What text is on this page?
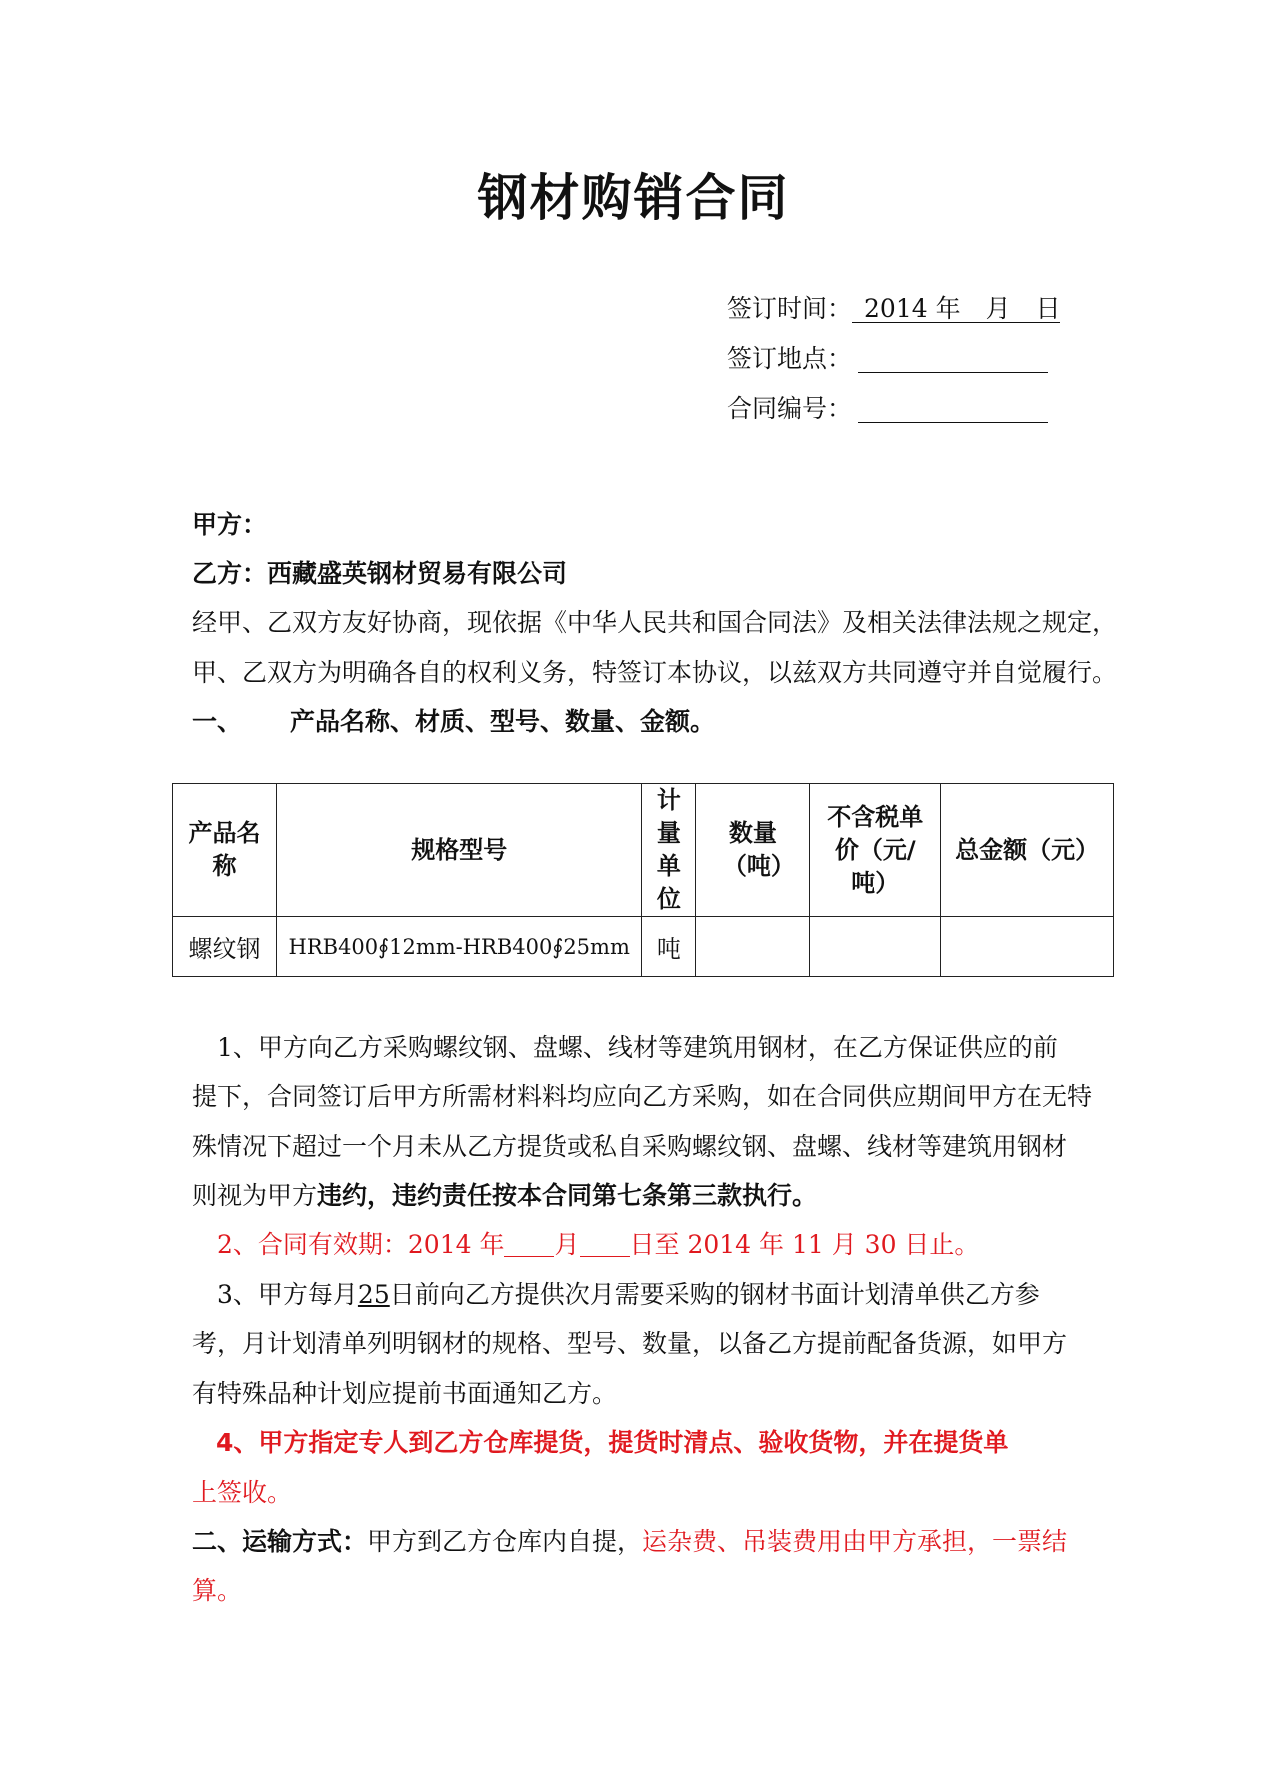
钢材购销合同
签订时间： 2014 年　月　日
签订地点：
合同编号：
甲方：
乙方：西藏盛英钢材贸易有限公司
经甲、乙双方友好协商，现依据《中华人民共和国合同法》及相关法律法规之规定，
甲、乙双方为明确各自的权利义务，特签订本协议，以兹双方共同遵守并自觉履行。
一、 产品名称、材质、型号、数量、金额。
产品名称	规格型号	计量单位	数量（吨）	不含税单价（元/吨）	总金额（元）
螺纹钢	HRB400∮12mm-HRB400∮25mm	吨			
　1、甲方向乙方采购螺纹钢、盘螺、线材等建筑用钢材，在乙方保证供应的前
提下，合同签订后甲方所需材料料均应向乙方采购，如在合同供应期间甲方在无特
殊情况下超过一个月未从乙方提货或私自采购螺纹钢、盘螺、线材等建筑用钢材
则视为甲方违约，违约责任按本合同第七条第三款执行。
　2、合同有效期：2014 年 月 日至 2014 年 11 月 30 日止。
　3、甲方每月25日前向乙方提供次月需要采购的钢材书面计划清单供乙方参
考，月计划清单列明钢材的规格、型号、数量，以备乙方提前配备货源，如甲方
有特殊品种计划应提前书面通知乙方。
4、甲方指定专人到乙方仓库提货，提货时清点、验收货物，并在提货单
上签收。
二、运输方式：甲方到乙方仓库内自提，运杂费、吊装费用由甲方承担，一票结
算。
